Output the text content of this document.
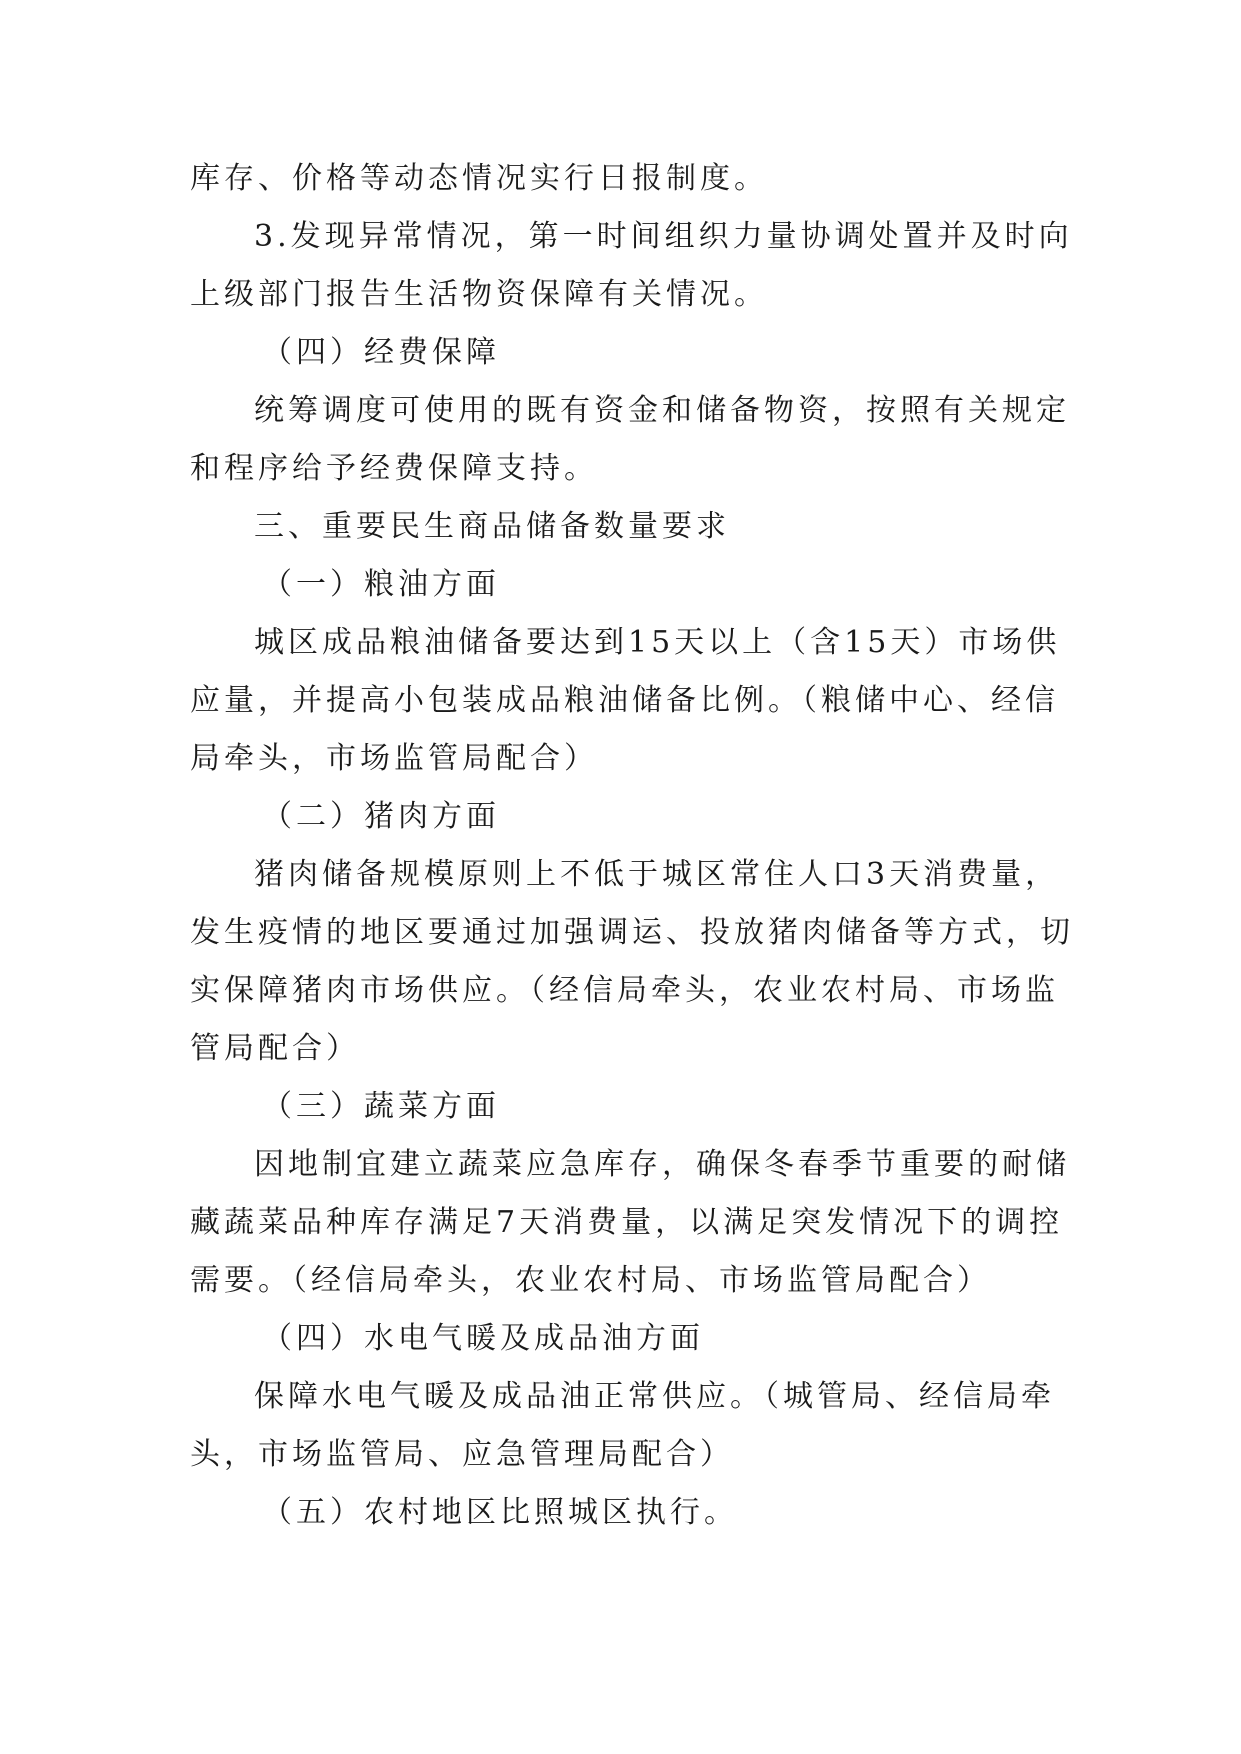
库存、价格等动态情况实行日报制度。
3.发现异常情况，第一时间组织力量协调处置并及时向
上级部门报告生活物资保障有关情况。
（四）经费保障
统筹调度可使用的既有资金和储备物资，按照有关规定
和程序给予经费保障支持。
三、重要民生商品储备数量要求
（一）粮油方面
城区成品粮油储备要达到15天以上（含15天）市场供
应量，并提高小包装成品粮油储备比例。（粮储中心、经信
局牵头，市场监管局配合）
（二）猪肉方面
猪肉储备规模原则上不低于城区常住人口3天消费量，
发生疫情的地区要通过加强调运、投放猪肉储备等方式，切
实保障猪肉市场供应。（经信局牵头，农业农村局、市场监
管局配合）
（三）蔬菜方面
因地制宜建立蔬菜应急库存，确保冬春季节重要的耐储
藏蔬菜品种库存满足7天消费量，以满足突发情况下的调控
需要。（经信局牵头，农业农村局、市场监管局配合）
（四）水电气暖及成品油方面
保障水电气暖及成品油正常供应。（城管局、经信局牵
头，市场监管局、应急管理局配合）
（五）农村地区比照城区执行。
